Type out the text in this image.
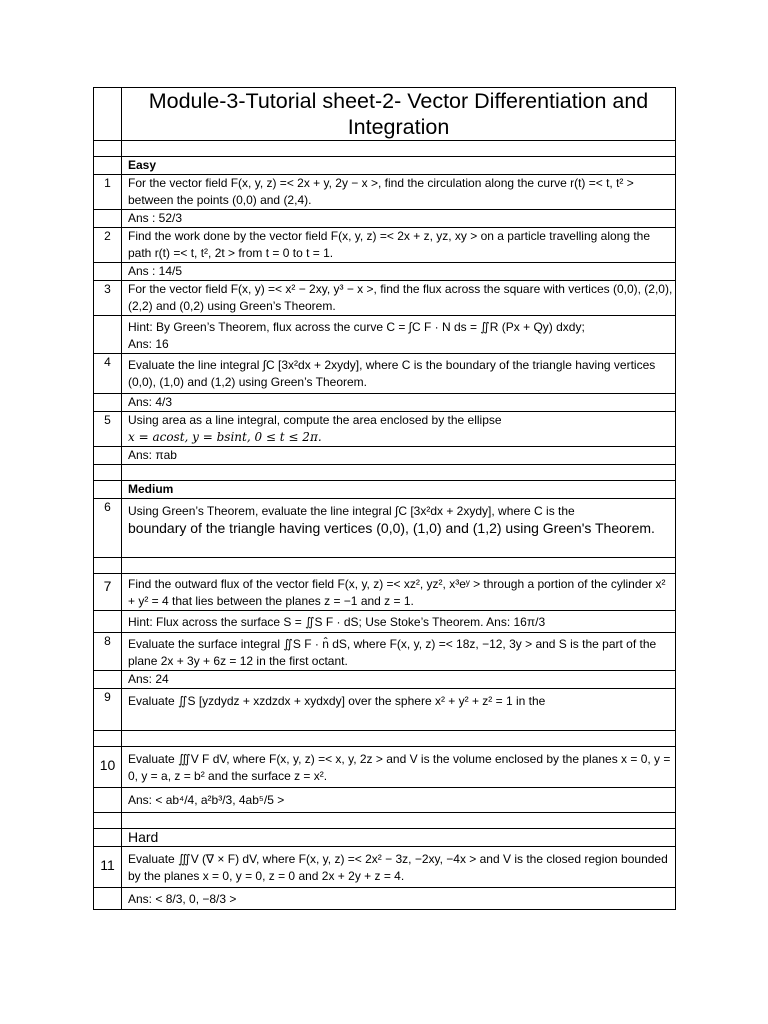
	Module-3-Tutorial sheet-2- Vector Differentiation and Integration

	Easy
1	For the vector field F(x, y, z) =< 2x + y, 2y − x >, find the circulation along the curve r(t) =< t, t² > between the points (0,0) and (2,4).
	Ans : 52/3
2	Find the work done by the vector field F(x, y, z) =< 2x + z, yz, xy > on a particle travelling along the path r(t) =< t, t², 2t > from t = 0 to t = 1.
	Ans : 14/5
3	For the vector field F(x, y) =< x² − 2xy, y³ − x >, find the flux across the square with vertices (0,0), (2,0), (2,2) and (0,2) using Green’s Theorem.

	Hint: By Green’s Theorem, flux across the curve C = ∫C F · N ds = ∬R (Px + Qy) dxdy;
Ans: 16

4	Evaluate the line integral ∫C [3x²dx + 2xydy], where C is the boundary of the triangle having vertices (0,0), (1,0) and (1,2) using Green’s Theorem.
	Ans: 4/3
5	Using area as a line integral, compute the area enclosed by the ellipse
x = acost, y = bsint, 0 ≤ t ≤ 2π.

	Ans: πab

	Medium
6	Using Green’s Theorem, evaluate the line integral ∫C [3x²dx + 2xydy], where C is the
boundary of the triangle having vertices (0,0), (1,0) and (1,2) using Green's Theorem.

7	Find the outward flux of the vector field F(x, y, z) =< xz², yz², x³eʸ > through a portion of the cylinder x² + y² = 4 that lies between the planes z = −1 and z = 1.
	Hint: Flux across the surface S = ∬S F · dS; Use Stoke’s Theorem. Ans: 16π/3
8	Evaluate the surface integral ∬S F · n̂ dS, where F(x, y, z) =< 18z, −12, 3y > and S is the part of the plane 2x + 3y + 6z = 12 in the first octant.
	Ans: 24
9	Evaluate ∬S [yzdydz + xzdzdx + xydxdy] over the sphere x² + y² + z² = 1 in the

10	Evaluate ∭V F dV, where F(x, y, z) =< x, y, 2z > and V is the volume enclosed by the planes x = 0, y = 0, y = a, z = b² and the surface z = x².
	Ans: < ab⁴/4, a²b³/3, 4ab⁵/5 >

	Hard
11	Evaluate ∭V (∇ × F) dV, where F(x, y, z) =< 2x² − 3z, −2xy, −4x > and V is the closed region bounded by the planes x = 0, y = 0, z = 0 and 2x + 2y + z = 4.
	Ans: < 8/3, 0, −8/3 >
